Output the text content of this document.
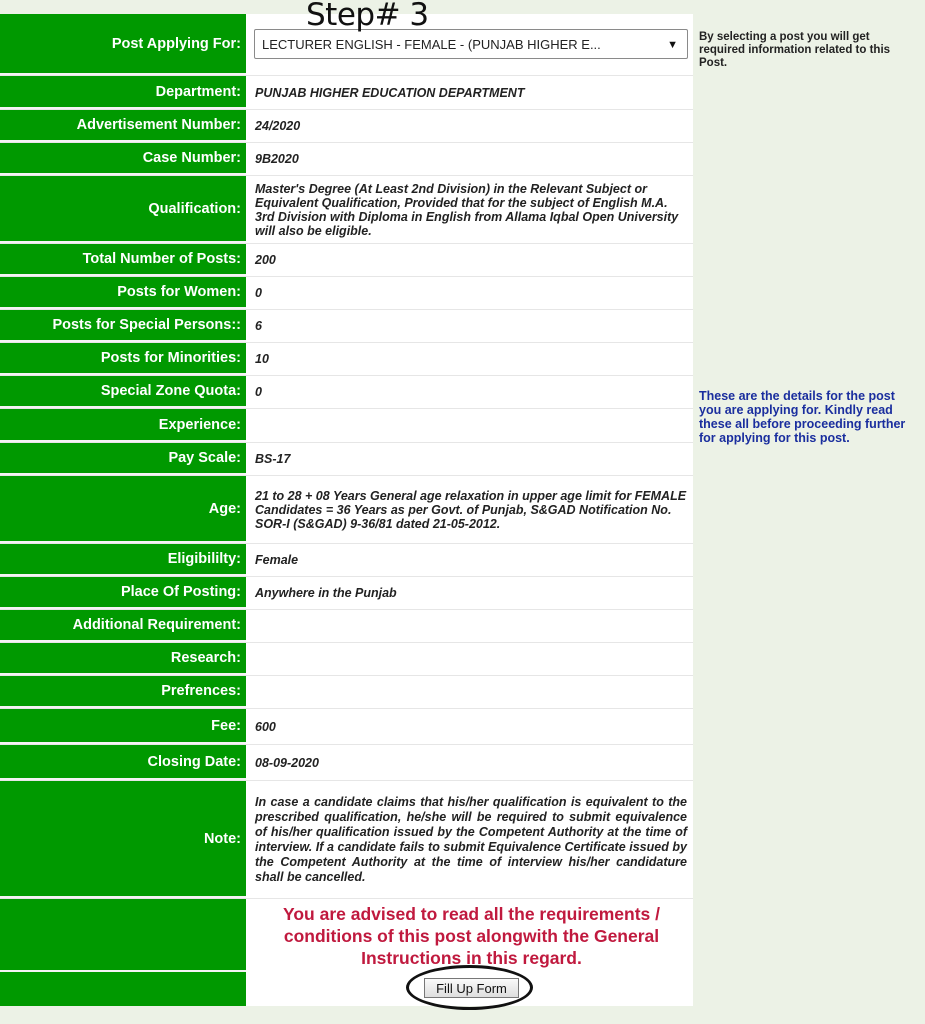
Step# 3
Post Applying For:	LECTURER ENGLISH - FEMALE - (PUNJAB HIGHER E...	▼
By selecting a post you will get required information related to this Post.
These are the details for the post you are applying for. Kindly read these all before proceeding further for applying for this post.
Department:	PUNJAB HIGHER EDUCATION DEPARTMENT
Advertisement Number:	24/2020
Case Number:	9B2020
Qualification:
Master's Degree (At Least 2nd Division) in the Relevant Subject or Equivalent Qualification, Provided that for the subject of English M.A. 3rd Division with Diploma in English from Allama Iqbal Open University will also be eligible.
Total Number of Posts:	200
Posts for Women:	0
Posts for Special Persons::	6
Posts for Minorities:	10
Special Zone Quota:	0
Experience:
Pay Scale:	BS-17
Age:
21 to 28 + 08 Years General age relaxation in upper age limit for FEMALE Candidates = 36 Years as per Govt. of Punjab, S&GAD Notification No. SOR-I (S&GAD) 9-36/81 dated 21-05-2012.
Eligibililty:	Female
Place Of Posting:	Anywhere in the Punjab
Additional Requirement:
Research:
Prefrences:
Fee:	600
Closing Date:	08-09-2020
Note:
In case a candidate claims that his/her qualification is equivalent to the prescribed qualification, he/she will be required to submit equivalence of his/her qualification issued by the Competent Authority at the time of interview. If a candidate fails to submit Equivalence Certificate issued by the Competent Authority at the time of interview his/her candidature shall be cancelled.
You are advised to read all the requirements / conditions of this post alongwith the General Instructions in this regard.
Fill Up Form
